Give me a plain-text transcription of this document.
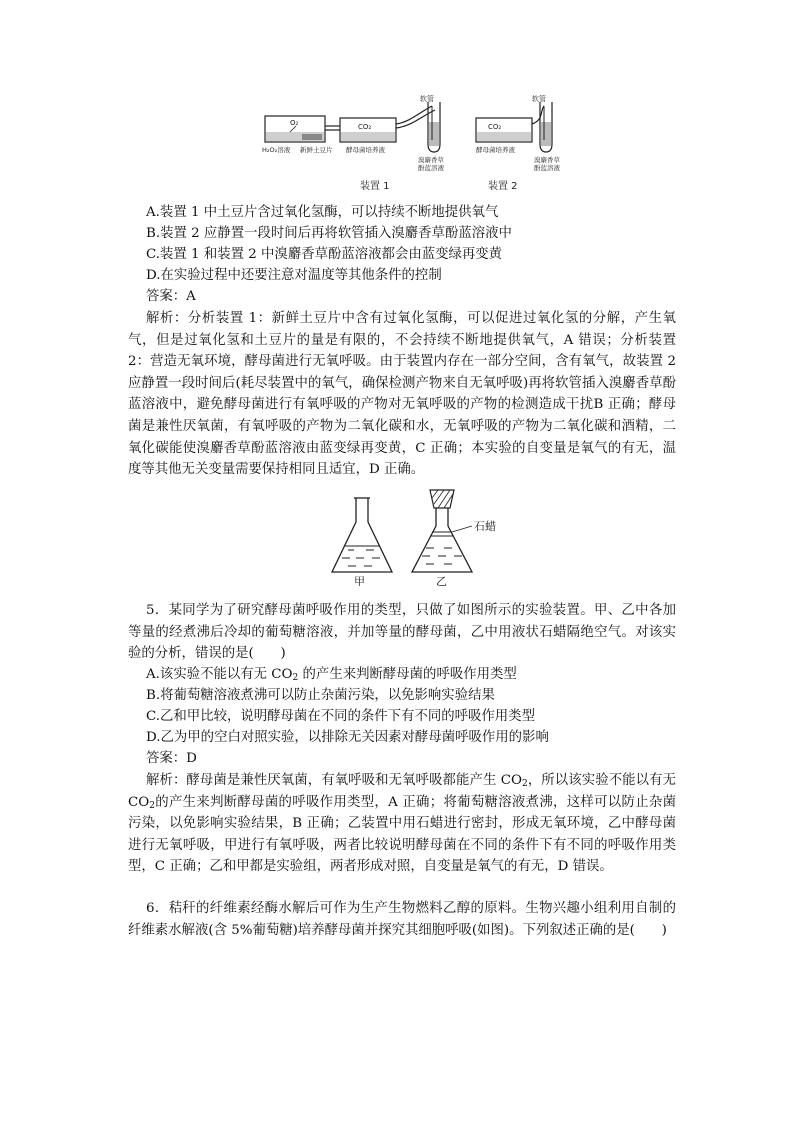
O₂	CO₂	CO₂
H₂O₂溶液 新鲜土豆片 酵母菌培养液	酵母菌培养液
软管	软管
溴麝香草
酚蓝溶液
溴麝香草
酚蓝溶液
装置 1	装置 2
A.装置 1 中土豆片含过氧化氢酶，可以持续不断地提供氧气
B.装置 2 应静置一段时间后再将软管插入溴麝香草酚蓝溶液中
C.装置 1 和装置 2 中溴麝香草酚蓝溶液都会由蓝变绿再变黄
D.在实验过程中还要注意对温度等其他条件的控制
答案：A
解析：分析装置 1：新鲜土豆片中含有过氧化氢酶，可以促进过氧化氢的分解，产生氧气，但是过氧化氢和土豆片的量是有限的，不会持续不断地提供氧气，A 错误；分析装置 2：营造无氧环境，酵母菌进行无氧呼吸。由于装置内存在一部分空间，含有氧气，故装置 2 应静置一段时间后(耗尽装置中的氧气，确保检测产物来自无氧呼吸)再将软管插入溴麝香草酚蓝溶液中，避免酵母菌进行有氧呼吸的产物对无氧呼吸的产物的检测造成干扰B 正确；酵母菌是兼性厌氧菌，有氧呼吸的产物为二氧化碳和水，无氧呼吸的产物为二氧化碳和酒精，二氧化碳能使溴麝香草酚蓝溶液由蓝变绿再变黄，C 正确；本实验的自变量是氧气的有无，温度等其他无关变量需要保持相同且适宜，D 正确。
石蜡
甲	乙
5．某同学为了研究酵母菌呼吸作用的类型，只做了如图所示的实验装置。甲、乙中各加等量的经煮沸后冷却的葡萄糖溶液，并加等量的酵母菌，乙中用液状石蜡隔绝空气。对该实验的分析，错误的是(　　)
A.该实验不能以有无 $CO_2$ 的产生来判断酵母菌的呼吸作用类型
B.将葡萄糖溶液煮沸可以防止杂菌污染，以免影响实验结果
C.乙和甲比较，说明酵母菌在不同的条件下有不同的呼吸作用类型
D.乙为甲的空白对照实验，以排除无关因素对酵母菌呼吸作用的影响
答案：D
解析：酵母菌是兼性厌氧菌，有氧呼吸和无氧呼吸都能产生 $CO_2$，所以该实验不能以有无 $CO_2$的产生来判断酵母菌的呼吸作用类型，A 正确；将葡萄糖溶液煮沸，这样可以防止杂菌污染，以免影响实验结果，B 正确；乙装置中用石蜡进行密封，形成无氧环境，乙中酵母菌进行无氧呼吸，甲进行有氧呼吸，两者比较说明酵母菌在不同的条件下有不同的呼吸作用类型，C 正确；乙和甲都是实验组，两者形成对照，自变量是氧气的有无，D 错误。
6．秸秆的纤维素经酶水解后可作为生产生物燃料乙醇的原料。生物兴趣小组利用自制的纤维素水解液(含 5%葡萄糖)培养酵母菌并探究其细胞呼吸(如图)。下列叙述正确的是(　　)
